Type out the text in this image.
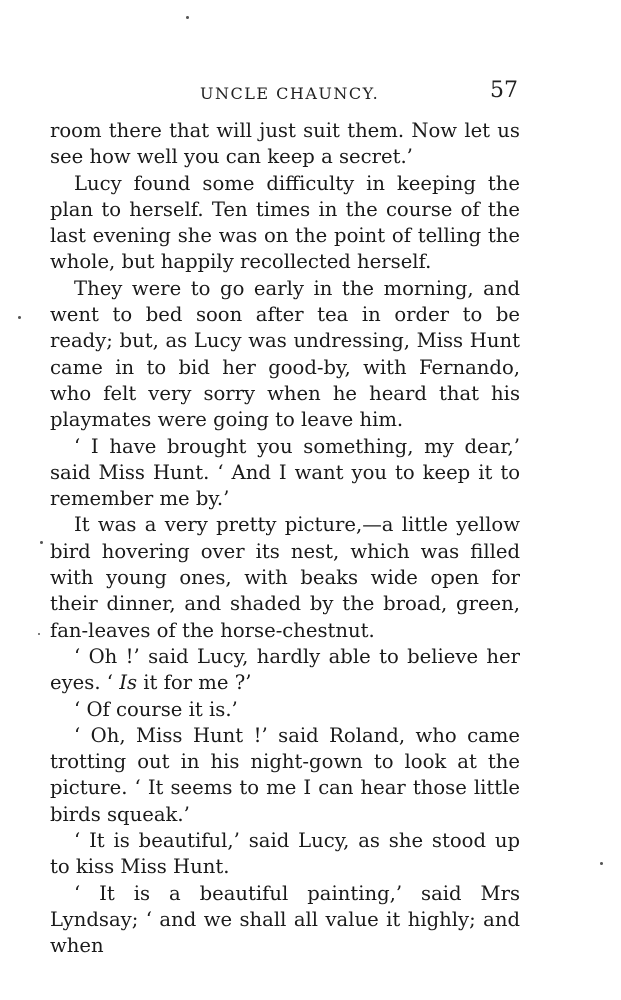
UNCLE CHAUNCY.	57

room there that will just suit them. Now let us see how well you can keep a secret.’

Lucy found some difficulty in keeping the plan to herself. Ten times in the course of the last evening she was on the point of telling the whole, but happily recollected herself.

They were to go early in the morning, and went to bed soon after tea in order to be ready; but, as Lucy was undressing, Miss Hunt came in to bid her good-by, with Fernando, who felt very sorry when he heard that his playmates were going to leave him.

‘ I have brought you something, my dear,’ said Miss Hunt. ‘ And I want you to keep it to remember me by.’

It was a very pretty picture,—a little yellow bird hovering over its nest, which was filled with young ones, with beaks wide open for their dinner, and shaded by the broad, green, fan-leaves of the horse-chestnut.

‘ Oh !’ said Lucy, hardly able to believe her eyes. ‘ Is it for me ?’

‘ Of course it is.’

‘ Oh, Miss Hunt !’ said Roland, who came trotting out in his night-gown to look at the picture. ‘ It seems to me I can hear those little birds squeak.’

‘ It is beautiful,’ said Lucy, as she stood up to kiss Miss Hunt.

‘ It is a beautiful painting,’ said Mrs Lyndsay; ‘ and we shall all value it highly; and when
